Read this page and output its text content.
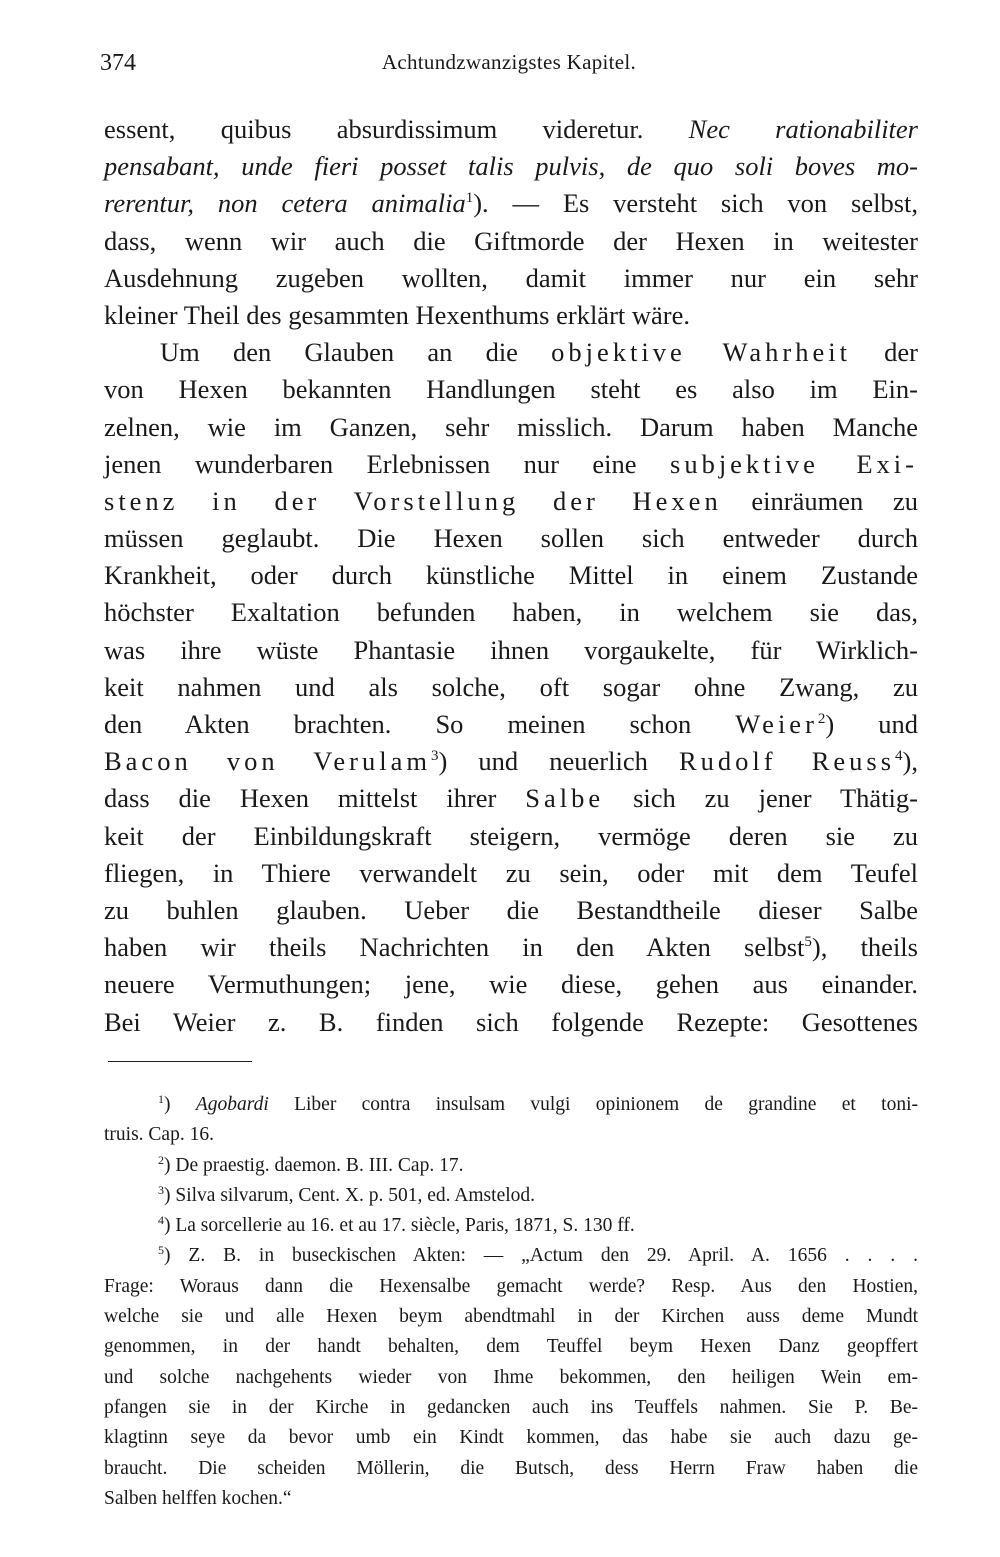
374	Achtundzwanzigstes Kapitel.
essent, quibus absurdissimum videretur. Nec rationabiliter
pensabant, unde fieri posset talis pulvis, de quo soli boves mo-
rerentur, non cetera animalia$^1$). — Es versteht sich von selbst,
dass, wenn wir auch die Giftmorde der Hexen in weitester
Ausdehnung zugeben wollten, damit immer nur ein sehr
kleiner Theil des gesammten Hexenthums erklärt wäre.
Um den Glauben an die objektive Wahrheit der
von Hexen bekannten Handlungen steht es also im Ein-
zelnen, wie im Ganzen, sehr misslich. Darum haben Manche
jenen wunderbaren Erlebnissen nur eine subjektive Exi-
stenz in der Vorstellung der Hexen einräumen zu
müssen geglaubt. Die Hexen sollen sich entweder durch
Krankheit, oder durch künstliche Mittel in einem Zustande
höchster Exaltation befunden haben, in welchem sie das,
was ihre wüste Phantasie ihnen vorgaukelte, für Wirklich-
keit nahmen und als solche, oft sogar ohne Zwang, zu
den Akten brachten. So meinen schon Weier$^2$) und
Bacon von Verulam$^3$) und neuerlich Rudolf Reuss$^4$),
dass die Hexen mittelst ihrer Salbe sich zu jener Thätig-
keit der Einbildungskraft steigern, vermöge deren sie zu
fliegen, in Thiere verwandelt zu sein, oder mit dem Teufel
zu buhlen glauben. Ueber die Bestandtheile dieser Salbe
haben wir theils Nachrichten in den Akten selbst$^5$), theils
neuere Vermuthungen; jene, wie diese, gehen aus einander.
Bei Weier z. B. finden sich folgende Rezepte: Gesottenes
$^1$) Agobardi Liber contra insulsam vulgi opinionem de grandine et toni-
truis. Cap. 16.
$^2$) De praestig. daemon. B. III. Cap. 17.
$^3$) Silva silvarum, Cent. X. p. 501, ed. Amstelod.
$^4$) La sorcellerie au 16. et au 17. siècle, Paris, 1871, S. 130 ff.
$^5$) Z. B. in buseckischen Akten: — „Actum den 29. April. A. 1656 . . . .
Frage: Woraus dann die Hexensalbe gemacht werde? Resp. Aus den Hostien,
welche sie und alle Hexen beym abendtmahl in der Kirchen auss deme Mundt
genommen, in der handt behalten, dem Teuffel beym Hexen Danz geopffert
und solche nachgehents wieder von Ihme bekommen, den heiligen Wein em-
pfangen sie in der Kirche in gedancken auch ins Teuffels nahmen. Sie P. Be-
klagtinn seye da bevor umb ein Kindt kommen, das habe sie auch dazu ge-
braucht. Die scheiden Möllerin, die Butsch, dess Herrn Fraw haben die
Salben helffen kochen.“
